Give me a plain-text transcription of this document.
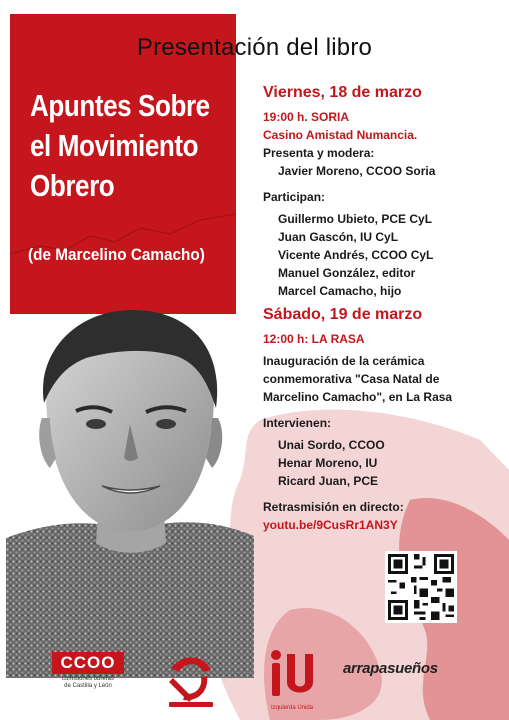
Presentación del libro
Apuntes Sobre
el Movimiento
Obrero
(de Marcelino Camacho)
Viernes, 18 de marzo
19:00 h. SORIA
Casino Amistad Numancia.
Presenta y modera:
Javier Moreno, CCOO Soria
Participan:
Guillermo Ubieto, PCE CyL
Juan Gascón, IU CyL
Vicente Andrés, CCOO CyL
Manuel González, editor
Marcel Camacho, hijo
Sábado, 19 de marzo
12:00 h: LA RASA
Inauguración de la cerámica
conmemorativa "Casa Natal de
Marcelino Camacho", en La Rasa
Intervienen:
Unai Sordo, CCOO
Henar Moreno, IU
Ricard Juan, PCE
Retrasmisión en directo:
youtu.be/9CusRr1AN3Y
CCOO
comisiones obreras
de Castilla y León
Izquierda Unida
arrapasueños
